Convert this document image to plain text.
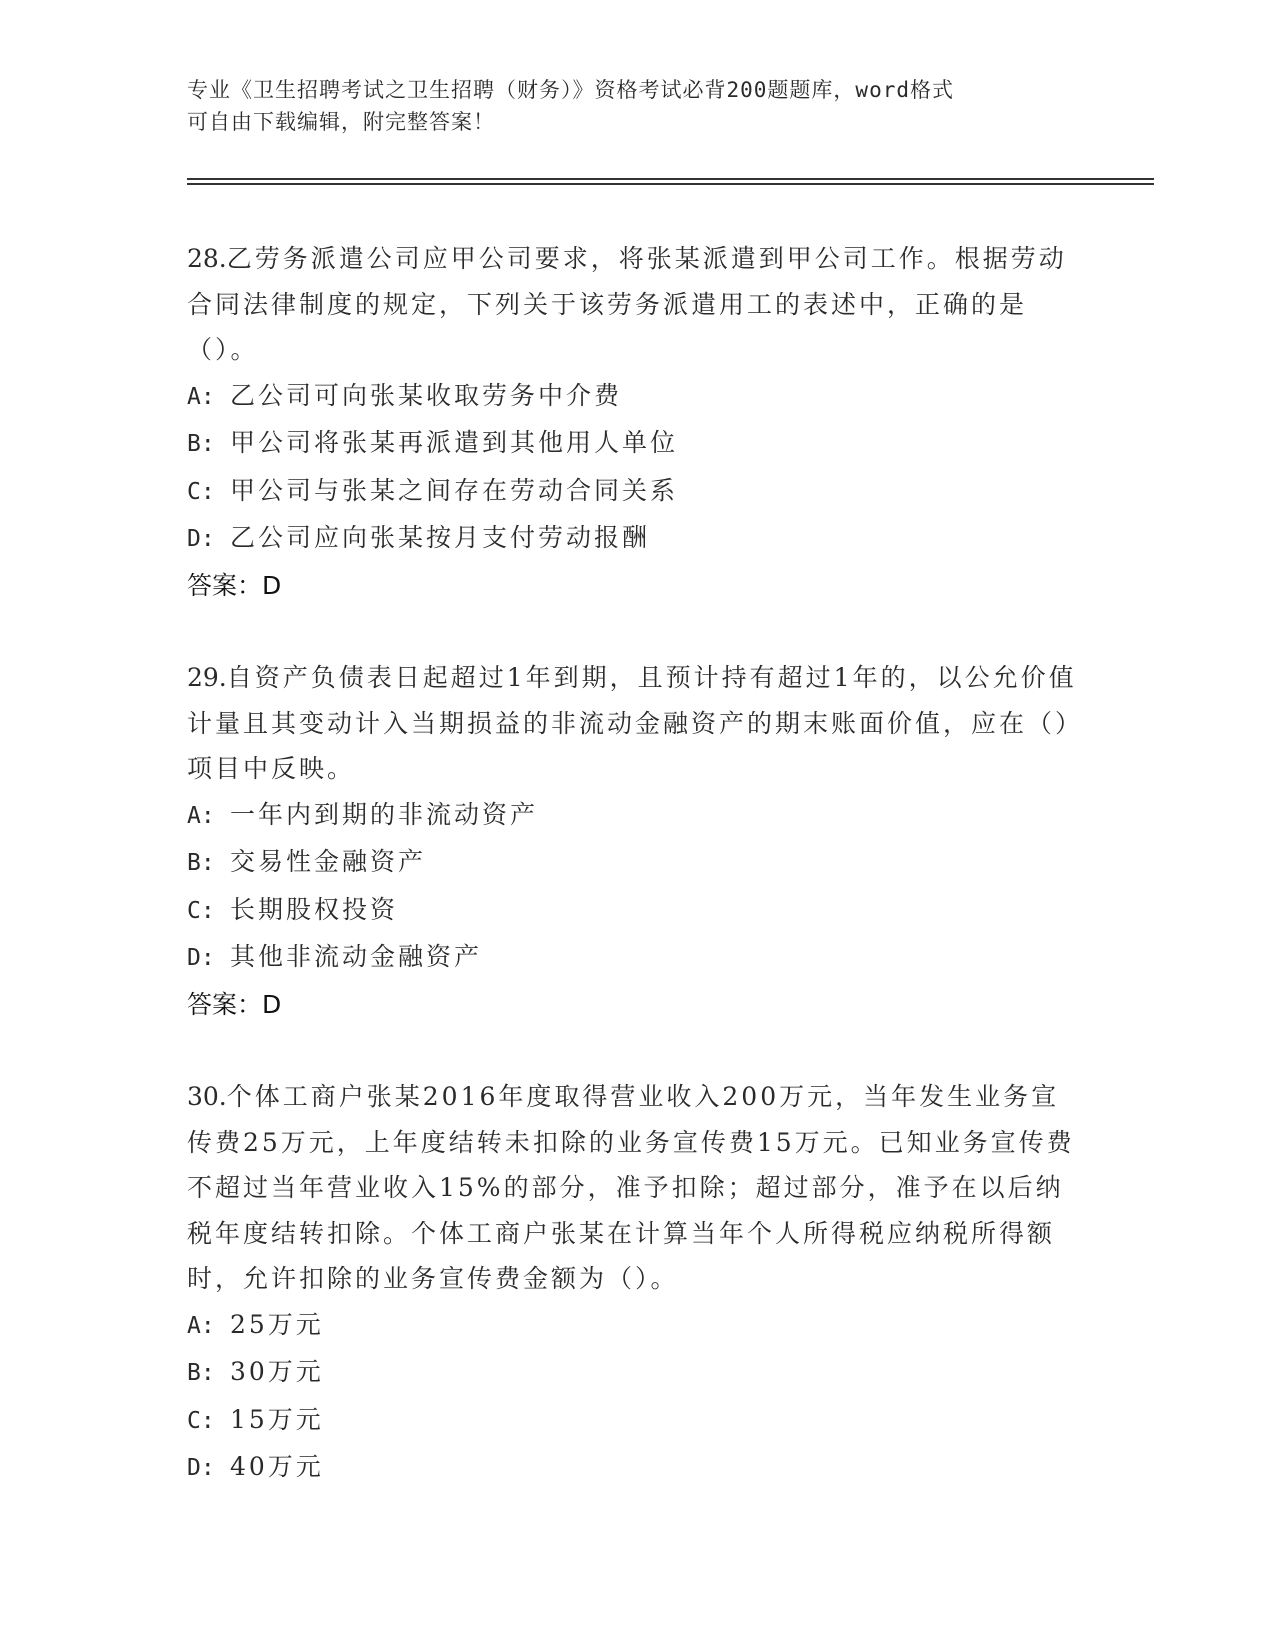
专业《卫生招聘考试之卫生招聘（财务）》资格考试必背200题题库，word格式
可自由下载编辑，附完整答案！
28.乙劳务派遣公司应甲公司要求，将张某派遣到甲公司工作。根据劳动合同法律制度的规定，下列关于该劳务派遣用工的表述中，正确的是（）。
A: 乙公司可向张某收取劳务中介费
B: 甲公司将张某再派遣到其他用人单位
C: 甲公司与张某之间存在劳动合同关系
D: 乙公司应向张某按月支付劳动报酬
答案：D
29.自资产负债表日起超过1年到期，且预计持有超过1年的，以公允价值计量且其变动计入当期损益的非流动金融资产的期末账面价值，应在（）项目中反映。
A: 一年内到期的非流动资产
B: 交易性金融资产
C: 长期股权投资
D: 其他非流动金融资产
答案：D
30.个体工商户张某2016年度取得营业收入200万元，当年发生业务宣传费25万元，上年度结转未扣除的业务宣传费15万元。已知业务宣传费不超过当年营业收入15%的部分，准予扣除；超过部分，准予在以后纳税年度结转扣除。个体工商户张某在计算当年个人所得税应纳税所得额时，允许扣除的业务宣传费金额为（）。
A: 25万元
B: 30万元
C: 15万元
D: 40万元
